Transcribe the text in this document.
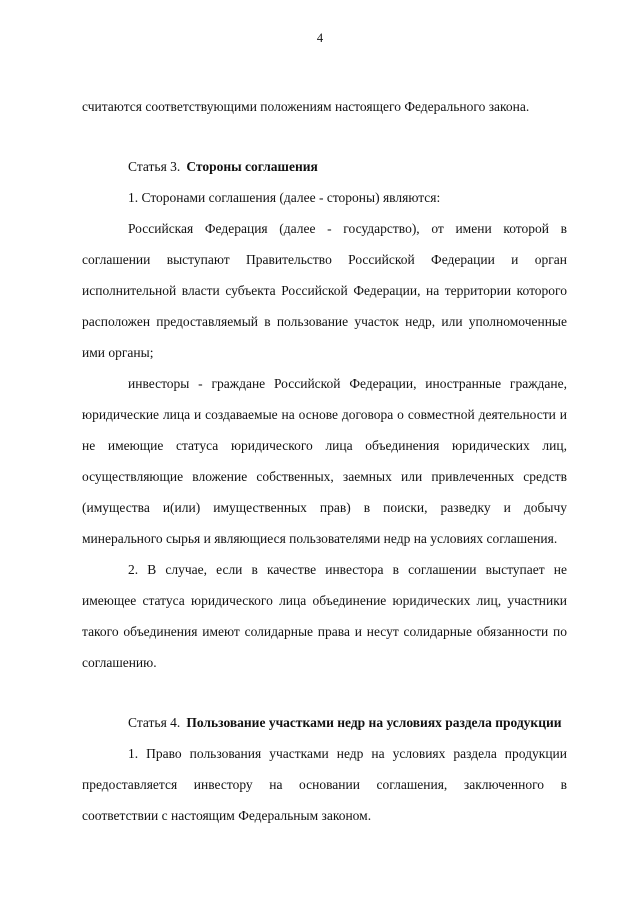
4

считаются соответствующими положениям настоящего Федерального закона.

Статья 3. Стороны соглашения

1. Сторонами соглашения (далее - стороны) являются:

Российская Федерация (далее - государство), от имени которой в соглашении выступают Правительство Российской Федерации и орган исполнительной власти субъекта Российской Федерации, на территории которого расположен предоставляемый в пользование участок недр, или уполномоченные ими органы;

инвесторы - граждане Российской Федерации, иностранные граждане, юридические лица и создаваемые на основе договора о совместной деятельности и не имеющие статуса юридического лица объединения юридических лиц, осуществляющие вложение собственных, заемных или привлеченных средств (имущества и(или) имущественных прав) в поиски, разведку и добычу минерального сырья и являющиеся пользователями недр на условиях соглашения.

2. В случае, если в качестве инвестора в соглашении выступает не имеющее статуса юридического лица объединение юридических лиц, участники такого объединения имеют солидарные права и несут солидарные обязанности по соглашению.

Статья 4. Пользование участками недр на условиях раздела продукции

1. Право пользования участками недр на условиях раздела продукции предоставляется инвестору на основании соглашения, заключенного в соответствии с настоящим Федеральным законом.
